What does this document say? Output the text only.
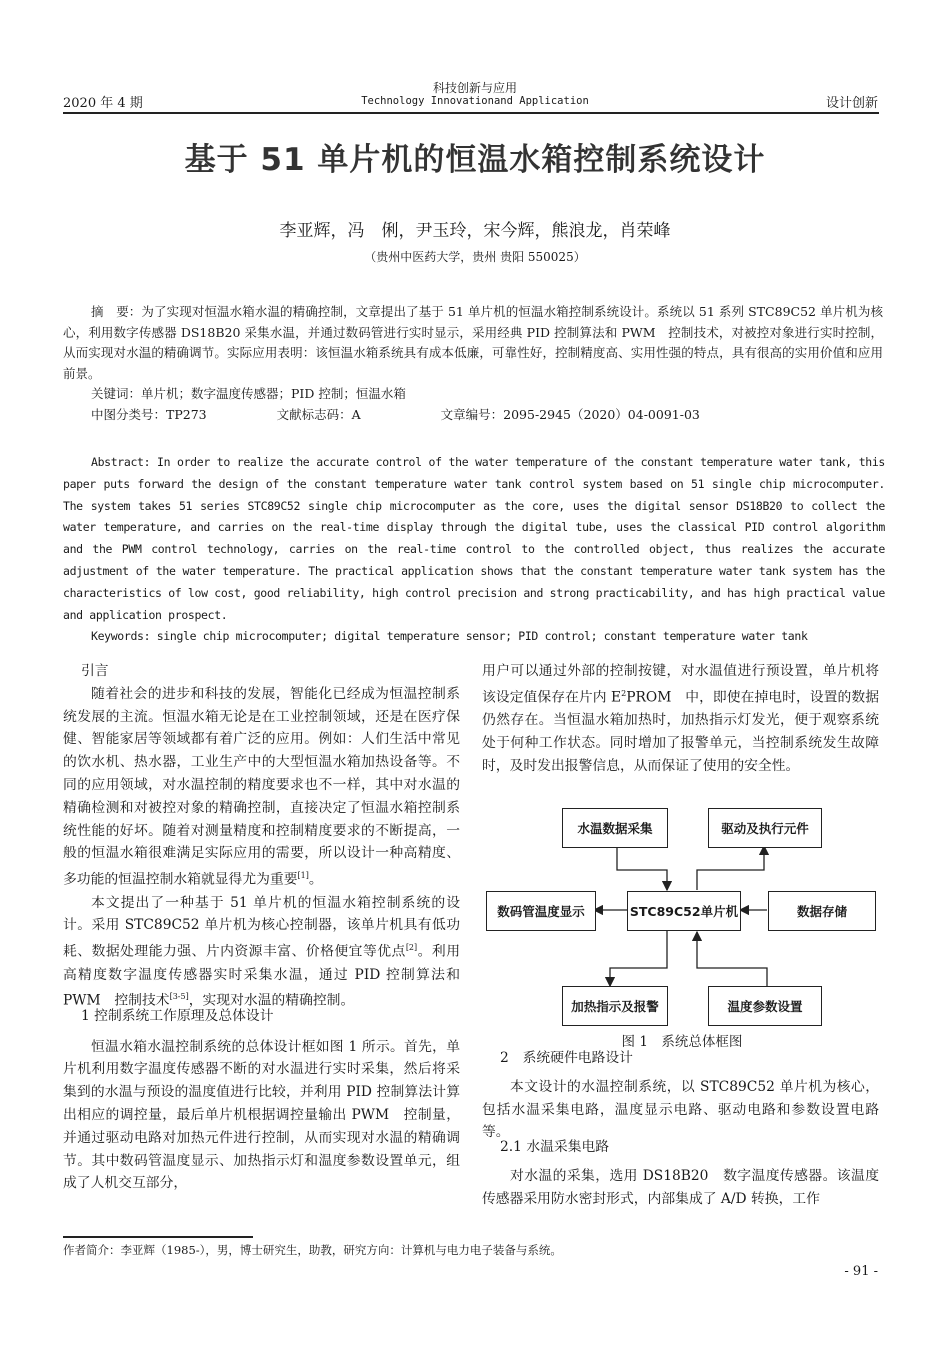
2020 年 4 期
科技创新与应用
Technology Innovationand Application	设计创新
基于 51 单片机的恒温水箱控制系统设计
李亚辉，冯　俐，尹玉玲，宋今辉，熊浪龙，肖荣峰
（贵州中医药大学，贵州 贵阳 550025）

摘　要：为了实现对恒温水箱水温的精确控制，文章提出了基于 51 单片机的恒温水箱控制系统设计。系统以 51 系列 STC89C52 单片机为核心，利用数字传感器 DS18B20 采集水温，并通过数码管进行实时显示，采用经典 PID 控制算法和 PWM　控制技术，对被控对象进行实时控制，从而实现对水温的精确调节。实际应用表明：该恒温水箱系统具有成本低廉，可靠性好，控制精度高、实用性强的特点，具有很高的实用价值和应用前景。

关键词：单片机；数字温度传感器；PID 控制；恒温水箱

中图分类号：TP273	文献标志码：A	文章编号：2095-2945（2020）04-0091-03

Abstract: In order to realize the accurate control of the water temperature of the constant temperature water tank, this paper puts forward the design of the constant temperature water tank control system based on 51 single chip microcomputer. The system takes 51 series STC89C52 single chip microcomputer as the core, uses the digital sensor DS18B20 to collect the water temperature, and carries on the real-time display through the digital tube, uses the classical PID control algorithm and the PWM control technology, carries on the real-time control to the controlled object, thus realizes the accurate adjustment of the water temperature. The practical application shows that the constant temperature water tank system has the characteristics of low cost, good reliability, high control precision and strong practicability, and has high practical value and application prospect.

Keywords: single chip microcomputer; digital temperature sensor; PID control; constant temperature water tank

引言

随着社会的进步和科技的发展，智能化已经成为恒温控制系统发展的主流。恒温水箱无论是在工业控制领域，还是在医疗保健、智能家居等领域都有着广泛的应用。例如：人们生活中常见的饮水机、热水器，工业生产中的大型恒温水箱加热设备等。不同的应用领域，对水温控制的精度要求也不一样，其中对水温的精确检测和对被控对象的精确控制，直接决定了恒温水箱控制系统性能的好坏。随着对测量精度和控制精度要求的不断提高，一般的恒温水箱很难满足实际应用的需要，所以设计一种高精度、多功能的恒温控制水箱就显得尤为重要[1]。

本文提出了一种基于 51 单片机的恒温水箱控制系统的设计。采用 STC89C52 单片机为核心控制器，该单片机具有低功耗、数据处理能力强、片内资源丰富、价格便宜等优点[2]。利用高精度数字温度传感器实时采集水温，通过 PID 控制算法和 PWM　控制技术[3-5]，实现对水温的精确控制。

1 控制系统工作原理及总体设计

恒温水箱水温控制系统的总体设计框如图 1 所示。首先，单片机利用数字温度传感器不断的对水温进行实时采集，然后将采集到的水温与预设的温度值进行比较，并利用 PID 控制算法计算出相应的调控量，最后单片机根据调控量输出 PWM　控制量，并通过驱动电路对加热元件进行控制，从而实现对水温的精确调节。其中数码管温度显示、加热指示灯和温度参数设置单元，组成了人机交互部分，

用户可以通过外部的控制按键，对水温值进行预设置，单片机将该设定值保存在片内 $E^2PROM$　中，即使在掉电时，设置的数据仍然存在。当恒温水箱加热时，加热指示灯发光，便于观察系统处于何种工作状态。同时增加了报警单元，当控制系统发生故障时，及时发出报警信息，从而保证了使用的安全性。

水温数据采集	驱动及执行元件
数码管温度显示	STC89C52单片机	数据存储
加热指示及报警	温度参数设置
图 1　系统总体框图

2　系统硬件电路设计

本文设计的水温控制系统，以 STC89C52 单片机为核心，包括水温采集电路，温度显示电路、驱动电路和参数设置电路等。

2.1 水温采集电路

对水温的采集，选用 DS18B20　数字温度传感器。该温度传感器采用防水密封形式，内部集成了 A/D 转换，工作

作者简介：李亚辉（1985-），男，博士研究生，助教，研究方向：计算机与电力电子装备与系统。
- 91 -
